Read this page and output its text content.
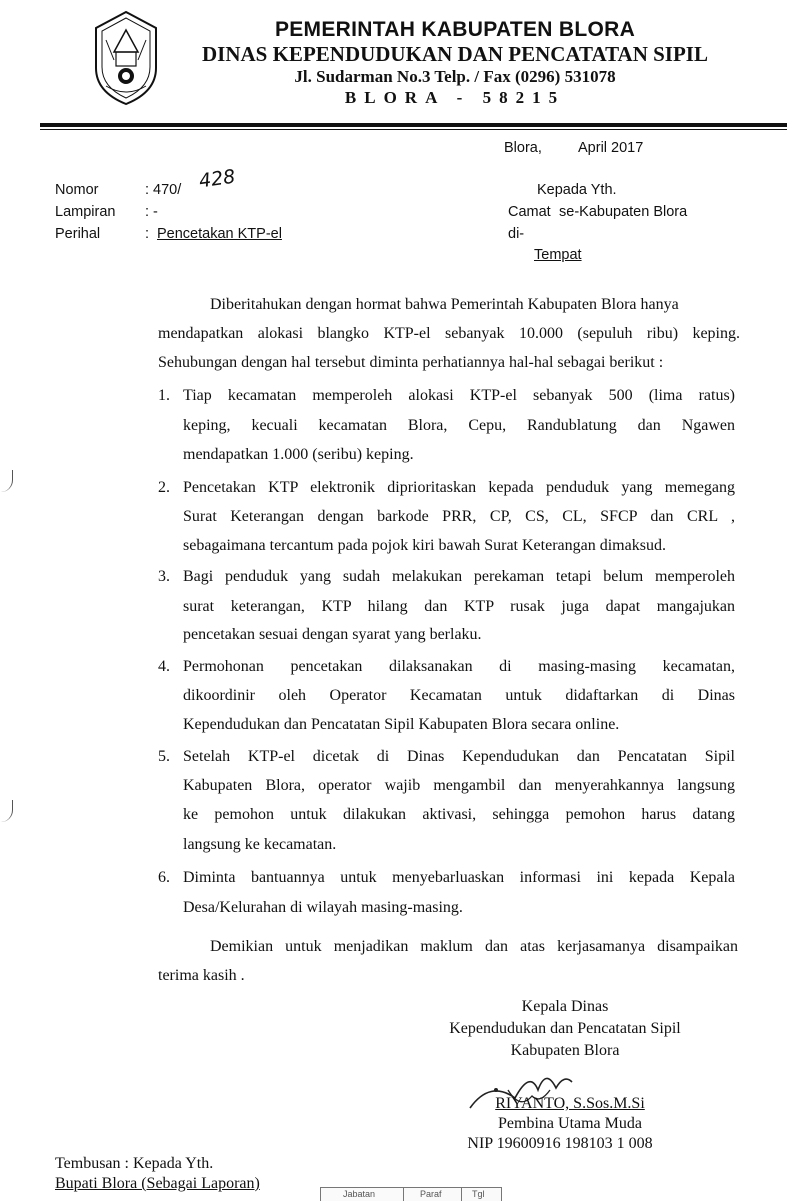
PEMERINTAH KABUPATEN BLORA
DINAS KEPENDUDUKAN DAN PENCATATAN SIPIL
Jl. Sudarman No.3 Telp. / Fax (0296) 531078
BLORA - 58215
Blora, April 2017
Nomor	: 470/ 428
Lampiran : -
Perihal	: Pencetakan KTP-el
Kepada Yth.
Camat se-Kabupaten Blora
di-
Tempat
Diberitahukan dengan hormat bahwa Pemerintah Kabupaten Blora hanya
mendapatkan alokasi blangko KTP-el sebanyak 10.000 (sepuluh ribu) keping.
Sehubungan dengan hal tersebut diminta perhatiannya hal-hal sebagai berikut :
1. Tiap kecamatan memperoleh alokasi KTP-el sebanyak 500 (lima ratus)
keping, kecuali kecamatan Blora, Cepu, Randublatung dan Ngawen
mendapatkan 1.000 (seribu) keping.
2. Pencetakan KTP elektronik diprioritaskan kepada penduduk yang memegang
Surat Keterangan dengan barkode PRR, CP, CS, CL, SFCP dan CRL ,
sebagaimana tercantum pada pojok kiri bawah Surat Keterangan dimaksud.
3. Bagi penduduk yang sudah melakukan perekaman tetapi belum memperoleh
surat keterangan, KTP hilang dan KTP rusak juga dapat mangajukan
pencetakan sesuai dengan syarat yang berlaku.
4. Permohonan pencetakan dilaksanakan di masing-masing kecamatan,
dikoordinir oleh Operator Kecamatan untuk didaftarkan di Dinas
Kependudukan dan Pencatatan Sipil Kabupaten Blora secara online.
5. Setelah KTP-el dicetak di Dinas Kependudukan dan Pencatatan Sipil
Kabupaten Blora, operator wajib mengambil dan menyerahkannya langsung
ke pemohon untuk dilakukan aktivasi, sehingga pemohon harus datang
langsung ke kecamatan.
6. Diminta bantuannya untuk menyebarluaskan informasi ini kepada Kepala
Desa/Kelurahan di wilayah masing-masing.
Demikian untuk menjadikan maklum dan atas kerjasamanya disampaikan
terima kasih .
Kepala Dinas
Kependudukan dan Pencatatan Sipil
Kabupaten Blora
RIYANTO, S.Sos.M.Si
Pembina Utama Muda
NIP 19600916 198103 1 008
Tembusan : Kepada Yth.
Bupati Blora (Sebagai Laporan)
Jabatan	Paraf	Tgl
